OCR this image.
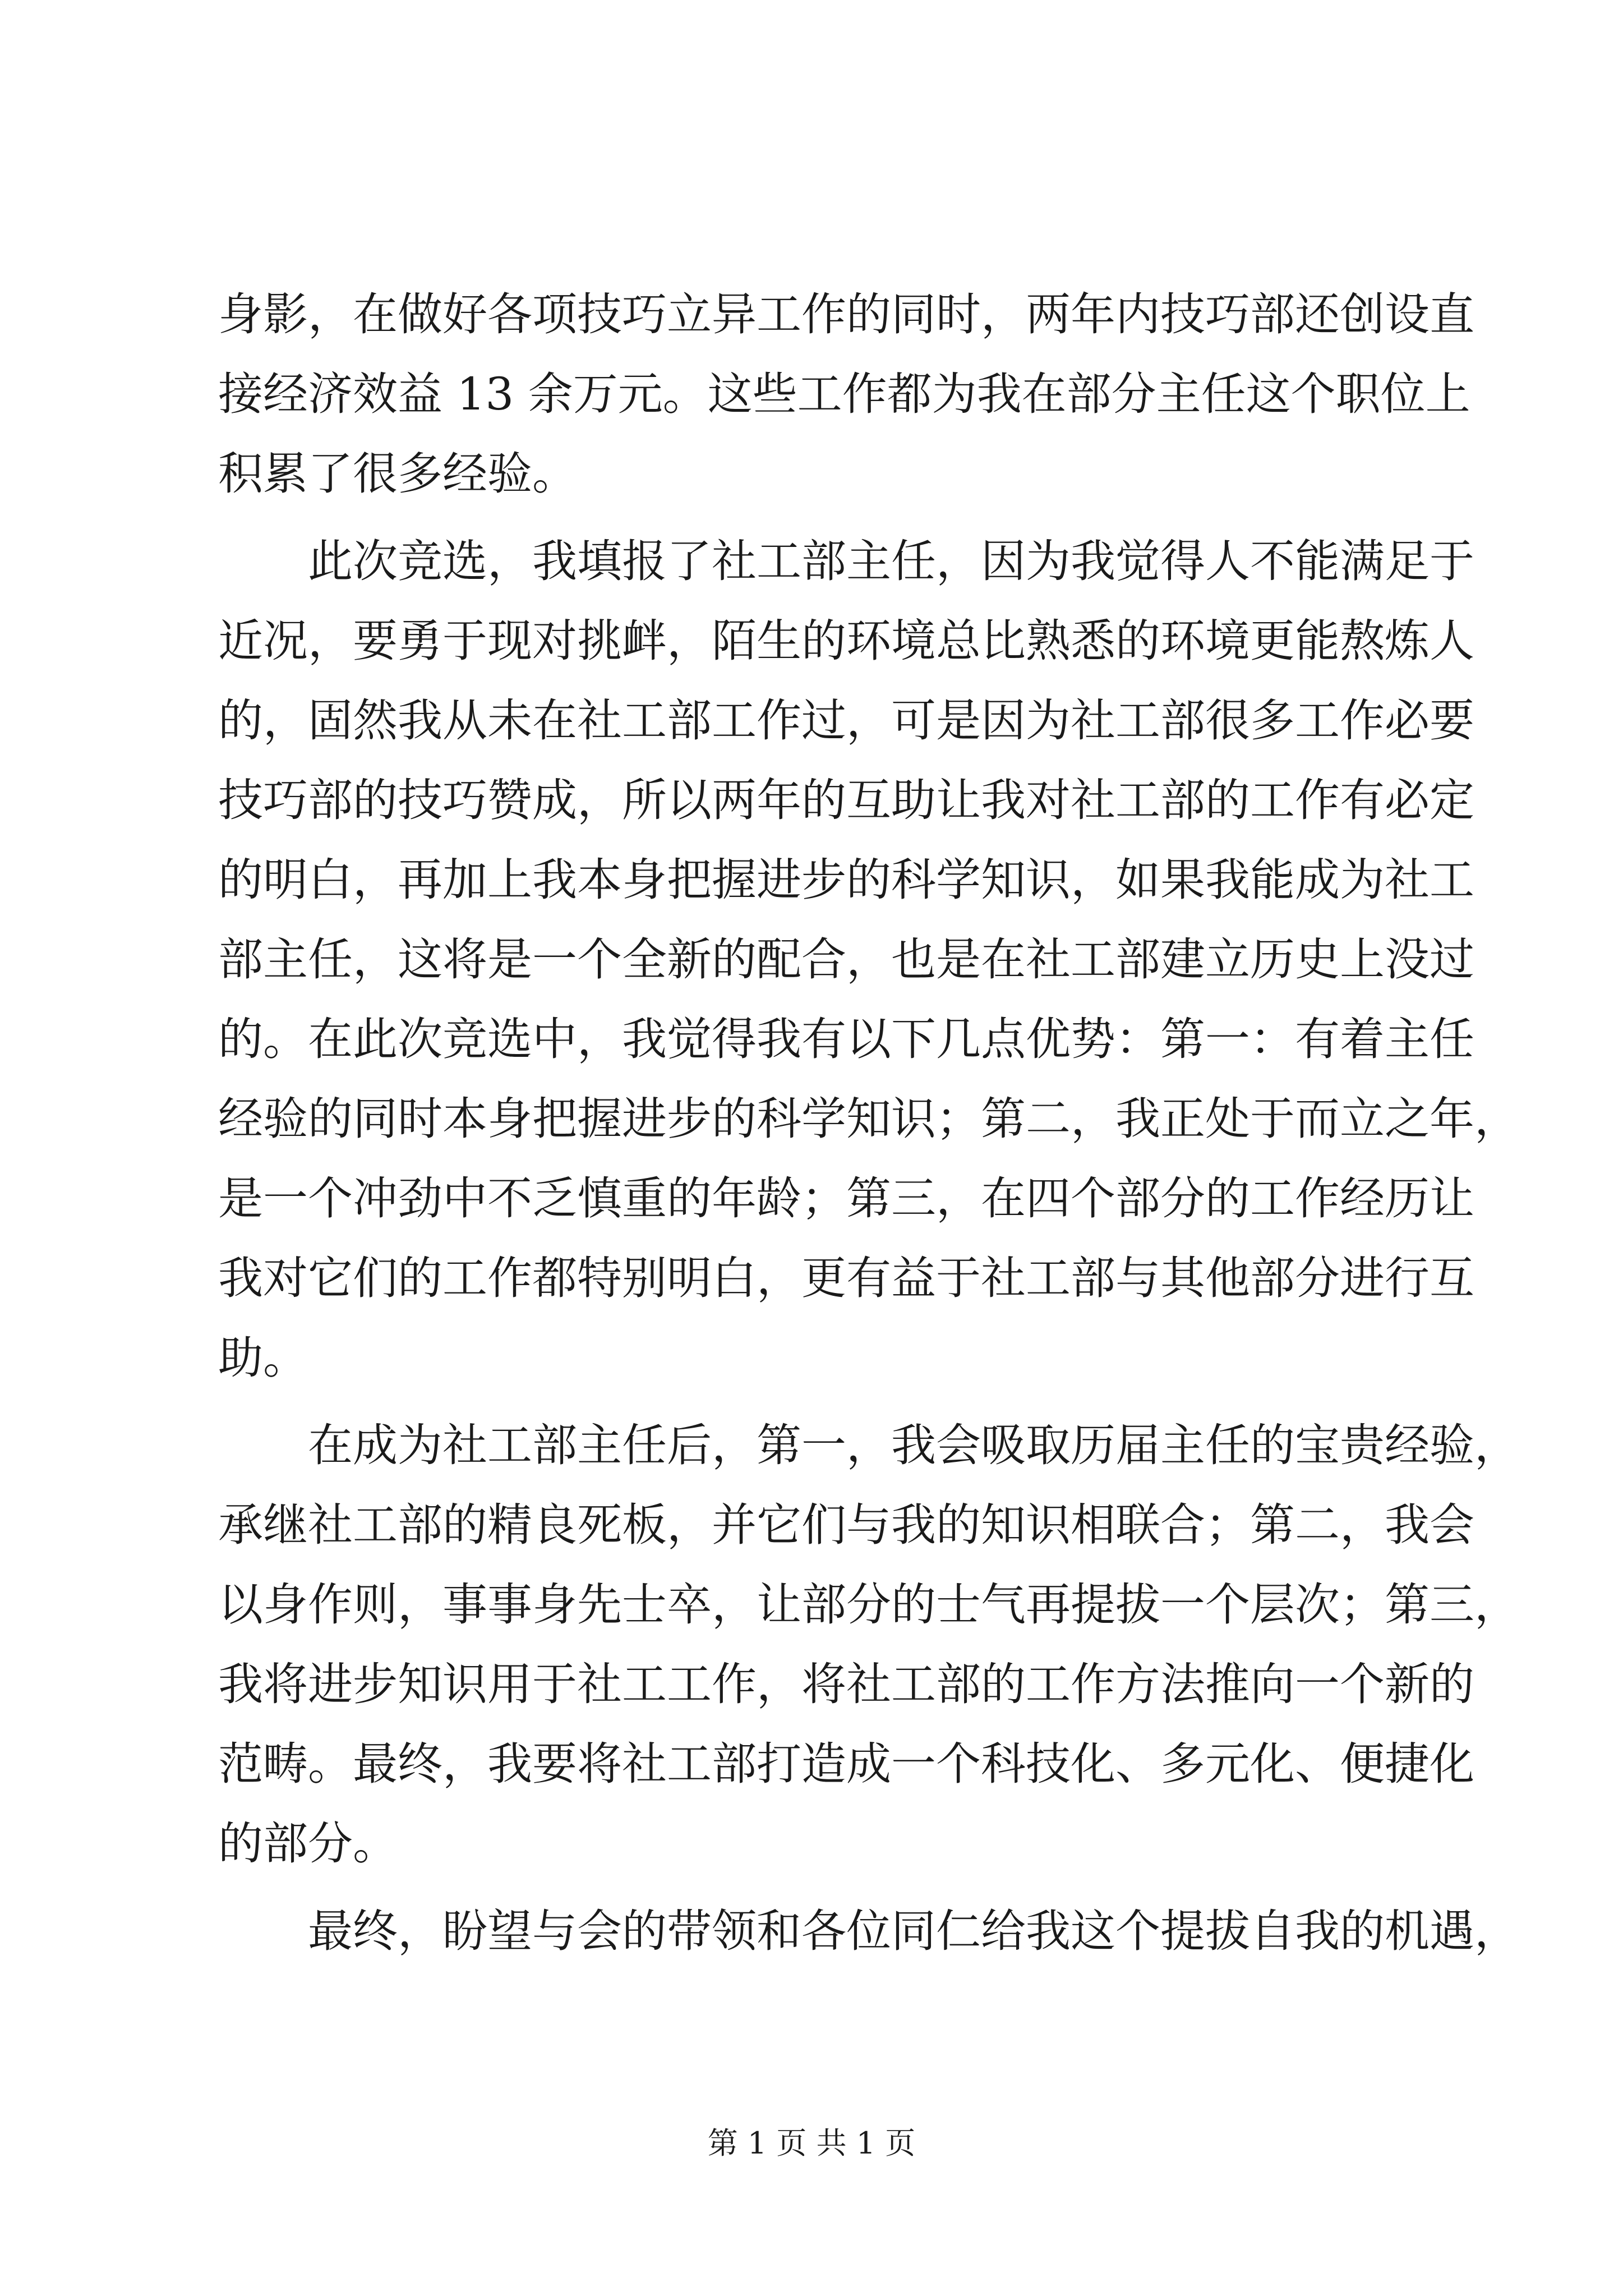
身影，在做好各项技巧立异工作的同时，两年内技巧部还创设直
接经济效益 13 余万元。这些工作都为我在部分主任这个职位上
积累了很多经验。
　　此次竞选，我填报了社工部主任，因为我觉得人不能满足于
近况，要勇于现对挑衅，陌生的环境总比熟悉的环境更能熬炼人
的，固然我从未在社工部工作过，可是因为社工部很多工作必要
技巧部的技巧赞成，所以两年的互助让我对社工部的工作有必定
的明白，再加上我本身把握进步的科学知识，如果我能成为社工
部主任，这将是一个全新的配合，也是在社工部建立历史上没过
的。在此次竞选中，我觉得我有以下几点优势：第一：有着主任
经验的同时本身把握进步的科学知识；第二，我正处于而立之年，
是一个冲劲中不乏慎重的年龄；第三，在四个部分的工作经历让
我对它们的工作都特别明白，更有益于社工部与其他部分进行互
助。
　　在成为社工部主任后，第一，我会吸取历届主任的宝贵经验，
承继社工部的精良死板，并它们与我的知识相联合；第二，我会
以身作则，事事身先士卒，让部分的士气再提拔一个层次；第三，
我将进步知识用于社工工作，将社工部的工作方法推向一个新的
范畴。最终，我要将社工部打造成一个科技化、多元化、便捷化
的部分。
　　最终，盼望与会的带领和各位同仁给我这个提拔自我的机遇，
第 1 页 共 1 页
